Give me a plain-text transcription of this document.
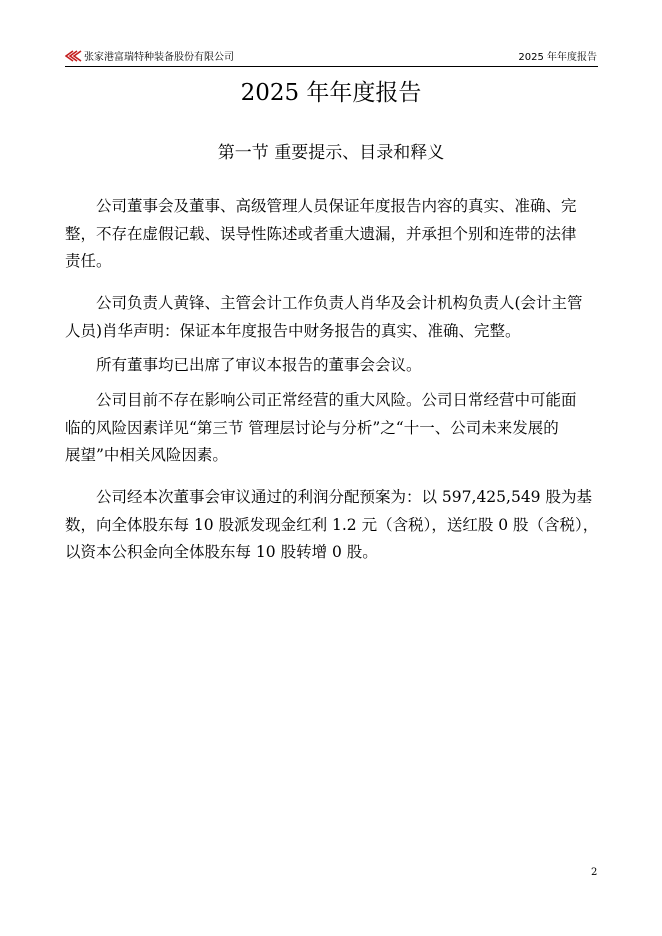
张家港富瑞特种装备股份有限公司	2025 年年度报告
2025 年年度报告
第一节 重要提示、目录和释义
公司董事会及董事、高级管理人员保证年度报告内容的真实、准确、完
整，不存在虚假记载、误导性陈述或者重大遗漏，并承担个别和连带的法律
责任。
公司负责人黄锋、主管会计工作负责人肖华及会计机构负责人(会计主管
人员)肖华声明：保证本年度报告中财务报告的真实、准确、完整。
所有董事均已出席了审议本报告的董事会会议。
公司目前不存在影响公司正常经营的重大风险。公司日常经营中可能面
临的风险因素详见“第三节 管理层讨论与分析”之“十一、公司未来发展的
展望”中相关风险因素。
公司经本次董事会审议通过的利润分配预案为：以 597,425,549 股为基
数，向全体股东每 10 股派发现金红利 1.2 元（含税），送红股 0 股（含税），
以资本公积金向全体股东每 10 股转增 0 股。
2
